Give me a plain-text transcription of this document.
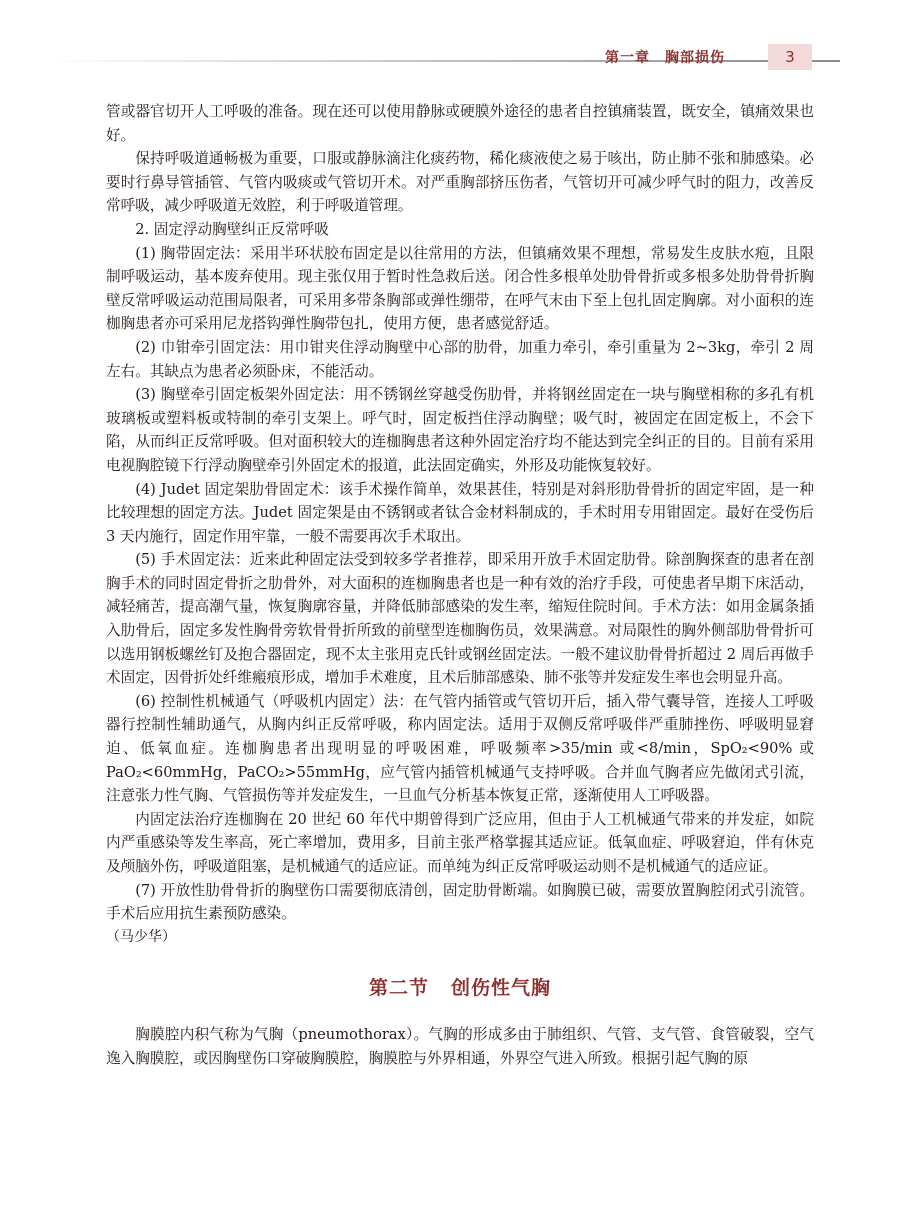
第一章　胸部损伤	3

管或器官切开人工呼吸的准备。现在还可以使用静脉或硬膜外途径的患者自控镇痛装置，既安全，镇痛效果也好。

保持呼吸道通畅极为重要，口服或静脉滴注化痰药物，稀化痰液使之易于咳出，防止肺不张和肺感染。必要时行鼻导管插管、气管内吸痰或气管切开术。对严重胸部挤压伤者，气管切开可减少呼气时的阻力，改善反常呼吸，减少呼吸道无效腔，利于呼吸道管理。

2. 固定浮动胸壁纠正反常呼吸

(1) 胸带固定法：采用半环状胶布固定是以往常用的方法，但镇痛效果不理想，常易发生皮肤水疱，且限制呼吸运动，基本废弃使用。现主张仅用于暂时性急救后送。闭合性多根单处肋骨骨折或多根多处肋骨骨折胸壁反常呼吸运动范围局限者，可采用多带条胸部或弹性绷带，在呼气末由下至上包扎固定胸廓。对小面积的连枷胸患者亦可采用尼龙搭钩弹性胸带包扎，使用方便，患者感觉舒适。

(2) 巾钳牵引固定法：用巾钳夹住浮动胸壁中心部的肋骨，加重力牵引，牵引重量为 2~3kg，牵引 2 周左右。其缺点为患者必须卧床，不能活动。

(3) 胸壁牵引固定板架外固定法：用不锈钢丝穿越受伤肋骨，并将钢丝固定在一块与胸壁相称的多孔有机玻璃板或塑料板或特制的牵引支架上。呼气时，固定板挡住浮动胸壁；吸气时，被固定在固定板上，不会下陷，从而纠正反常呼吸。但对面积较大的连枷胸患者这种外固定治疗均不能达到完全纠正的目的。目前有采用电视胸腔镜下行浮动胸壁牵引外固定术的报道，此法固定确实，外形及功能恢复较好。

(4) Judet 固定架肋骨固定术：该手术操作简单，效果甚佳，特别是对斜形肋骨骨折的固定牢固，是一种比较理想的固定方法。Judet 固定架是由不锈钢或者钛合金材料制成的，手术时用专用钳固定。最好在受伤后 3 天内施行，固定作用牢靠，一般不需要再次手术取出。

(5) 手术固定法：近来此种固定法受到较多学者推荐，即采用开放手术固定肋骨。除剖胸探查的患者在剖胸手术的同时固定骨折之肋骨外，对大面积的连枷胸患者也是一种有效的治疗手段，可使患者早期下床活动，减轻痛苦，提高潮气量，恢复胸廓容量，并降低肺部感染的发生率，缩短住院时间。手术方法：如用金属条插入肋骨后，固定多发性胸骨旁软骨骨折所致的前壁型连枷胸伤员，效果满意。对局限性的胸外侧部肋骨骨折可以选用钢板螺丝钉及抱合器固定，现不太主张用克氏针或钢丝固定法。一般不建议肋骨骨折超过 2 周后再做手术固定，因骨折处纤维瘢痕形成，增加手术难度，且术后肺部感染、肺不张等并发症发生率也会明显升高。

(6) 控制性机械通气（呼吸机内固定）法：在气管内插管或气管切开后，插入带气囊导管，连接人工呼吸器行控制性辅助通气，从胸内纠正反常呼吸，称内固定法。适用于双侧反常呼吸伴严重肺挫伤、呼吸明显窘迫、低氧血症。连枷胸患者出现明显的呼吸困难，呼吸频率>35/min 或<8/min，SpO₂<90% 或 PaO₂<60mmHg，PaCO₂>55mmHg，应气管内插管机械通气支持呼吸。合并血气胸者应先做闭式引流，注意张力性气胸、气管损伤等并发症发生，一旦血气分析基本恢复正常，逐渐使用人工呼吸器。

内固定法治疗连枷胸在 20 世纪 60 年代中期曾得到广泛应用，但由于人工机械通气带来的并发症，如院内严重感染等发生率高，死亡率增加，费用多，目前主张严格掌握其适应证。低氧血症、呼吸窘迫，伴有休克及颅脑外伤，呼吸道阻塞，是机械通气的适应证。而单纯为纠正反常呼吸运动则不是机械通气的适应证。

(7) 开放性肋骨骨折的胸壁伤口需要彻底清创，固定肋骨断端。如胸膜已破，需要放置胸腔闭式引流管。手术后应用抗生素预防感染。

（马少华）

第二节 创伤性气胸

胸膜腔内积气称为气胸（pneumothorax）。气胸的形成多由于肺组织、气管、支气管、食管破裂，空气逸入胸膜腔，或因胸壁伤口穿破胸膜腔，胸膜腔与外界相通，外界空气进入所致。根据引起气胸的原
